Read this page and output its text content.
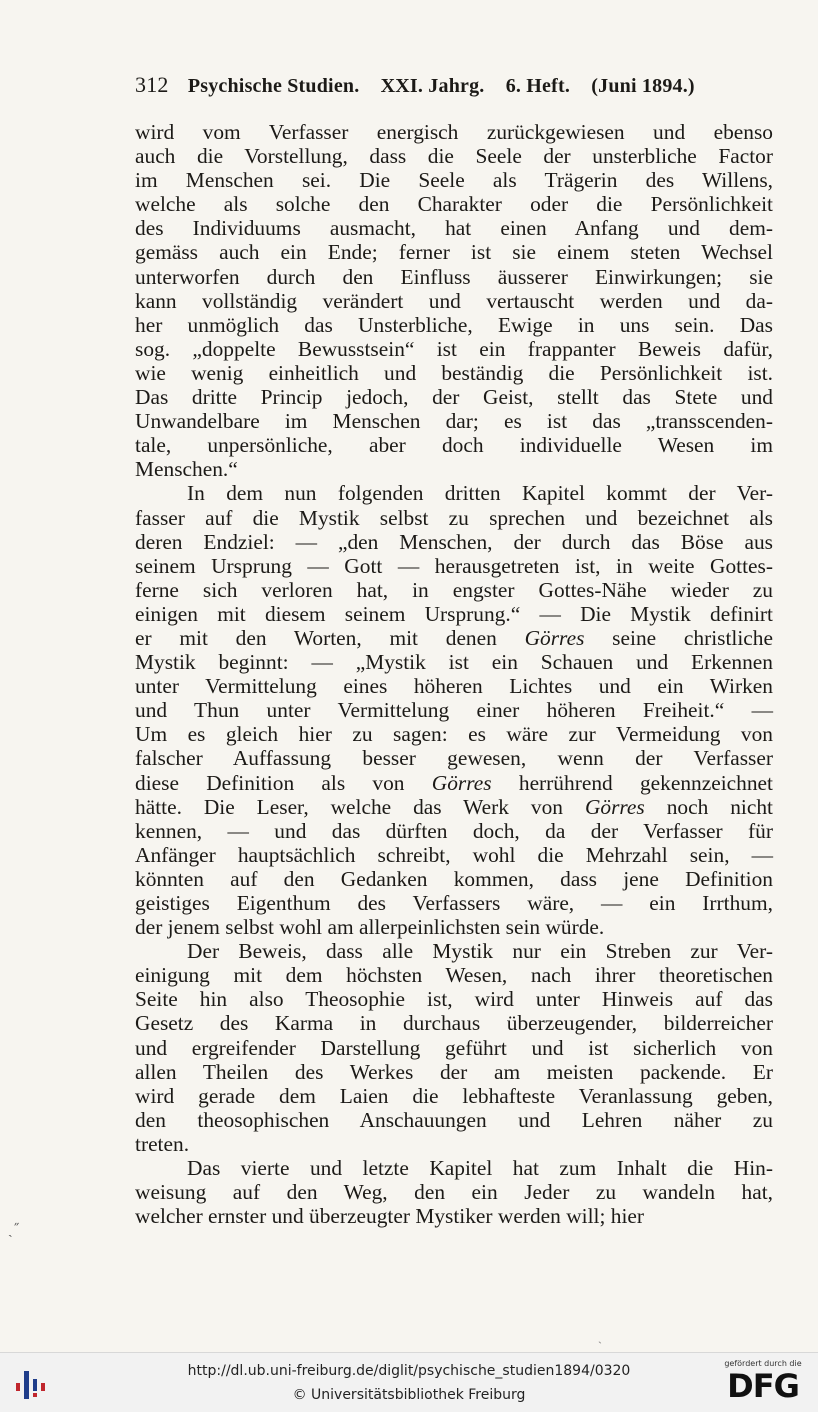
312 Psychische Studien. XXI. Jahrg. 6. Heft. (Juni 1894.)
wird vom Verfasser energisch zurückgewiesen und ebenso
auch die Vorstellung, dass die Seele der unsterbliche Factor
im Menschen sei. Die Seele als Trägerin des Willens,
welche als solche den Charakter oder die Persönlichkeit
des Individuums ausmacht, hat einen Anfang und dem-
gemäss auch ein Ende; ferner ist sie einem steten Wechsel
unterworfen durch den Einfluss äusserer Einwirkungen; sie
kann vollständig verändert und vertauscht werden und da-
her unmöglich das Unsterbliche, Ewige in uns sein. Das
sog. „doppelte Bewusstsein“ ist ein frappanter Beweis dafür,
wie wenig einheitlich und beständig die Persönlichkeit ist.
Das dritte Princip jedoch, der Geist, stellt das Stete und
Unwandelbare im Menschen dar; es ist das „transscenden-
tale, unpersönliche, aber doch individuelle Wesen im
Menschen.“
In dem nun folgenden dritten Kapitel kommt der Ver-
fasser auf die Mystik selbst zu sprechen und bezeichnet als
deren Endziel: — „den Menschen, der durch das Böse aus
seinem Ursprung — Gott — herausgetreten ist, in weite Gottes-
ferne sich verloren hat, in engster Gottes-Nähe wieder zu
einigen mit diesem seinem Ursprung.“ — Die Mystik definirt
er mit den Worten, mit denen Görres seine christliche
Mystik beginnt: — „Mystik ist ein Schauen und Erkennen
unter Vermittelung eines höheren Lichtes und ein Wirken
und Thun unter Vermittelung einer höheren Freiheit.“ —
Um es gleich hier zu sagen: es wäre zur Vermeidung von
falscher Auffassung besser gewesen, wenn der Verfasser
diese Definition als von Görres herrührend gekennzeichnet
hätte. Die Leser, welche das Werk von Görres noch nicht
kennen, — und das dürften doch, da der Verfasser für
Anfänger hauptsächlich schreibt, wohl die Mehrzahl sein, —
könnten auf den Gedanken kommen, dass jene Definition
geistiges Eigenthum des Verfassers wäre, — ein Irrthum,
der jenem selbst wohl am allerpeinlichsten sein würde.
Der Beweis, dass alle Mystik nur ein Streben zur Ver-
einigung mit dem höchsten Wesen, nach ihrer theoretischen
Seite hin also Theosophie ist, wird unter Hinweis auf das
Gesetz des Karma in durchaus überzeugender, bilderreicher
und ergreifender Darstellung geführt und ist sicherlich von
allen Theilen des Werkes der am meisten packende. Er
wird gerade dem Laien die lebhafteste Veranlassung geben,
den theosophischen Anschauungen und Lehren näher zu
treten.
Das vierte und letzte Kapitel hat zum Inhalt die Hin-
weisung auf den Weg, den ein Jeder zu wandeln hat,
welcher ernster und überzeugter Mystiker werden will; hier
ˏ˝
ˏ
http://dl.ub.uni-freiburg.de/diglit/psychische_studien1894/0320
© Universitätsbibliothek Freiburg
gefördert durch die
DFG
